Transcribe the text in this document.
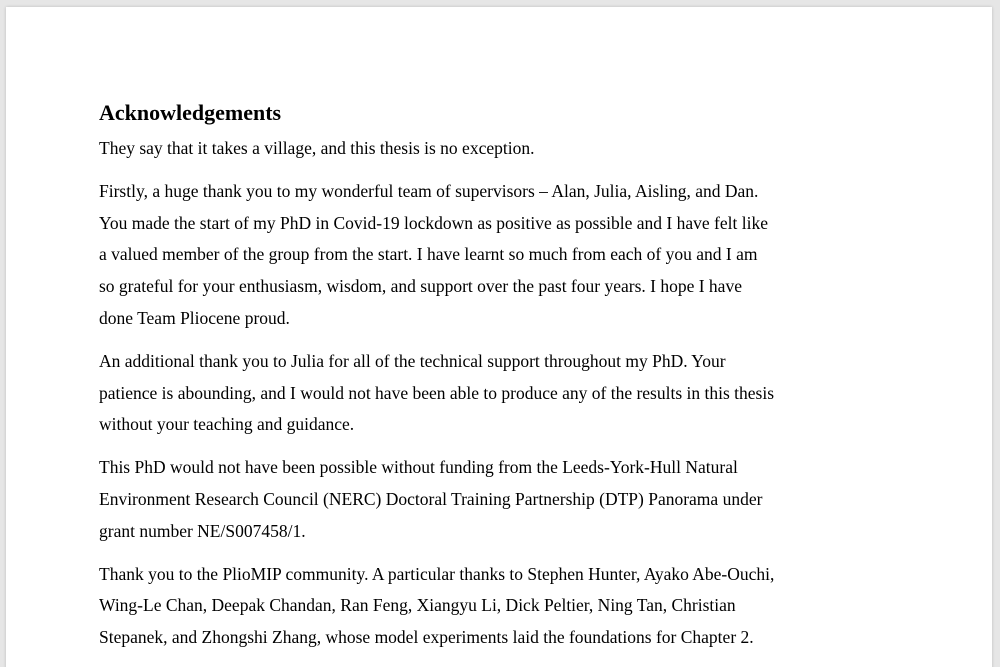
Acknowledgements

They say that it takes a village, and this thesis is no exception.

Firstly, a huge thank you to my wonderful team of supervisors – Alan, Julia, Aisling, and Dan.
You made the start of my PhD in Covid-19 lockdown as positive as possible and I have felt like
a valued member of the group from the start. I have learnt so much from each of you and I am
so grateful for your enthusiasm, wisdom, and support over the past four years. I hope I have
done Team Pliocene proud.

An additional thank you to Julia for all of the technical support throughout my PhD. Your
patience is abounding, and I would not have been able to produce any of the results in this thesis
without your teaching and guidance.

This PhD would not have been possible without funding from the Leeds-York-Hull Natural
Environment Research Council (NERC) Doctoral Training Partnership (DTP) Panorama under
grant number NE/S007458/1.

Thank you to the PlioMIP community. A particular thanks to Stephen Hunter, Ayako Abe-Ouchi,
Wing-Le Chan, Deepak Chandan, Ran Feng, Xiangyu Li, Dick Peltier, Ning Tan, Christian
Stepanek, and Zhongshi Zhang, whose model experiments laid the foundations for Chapter 2.
